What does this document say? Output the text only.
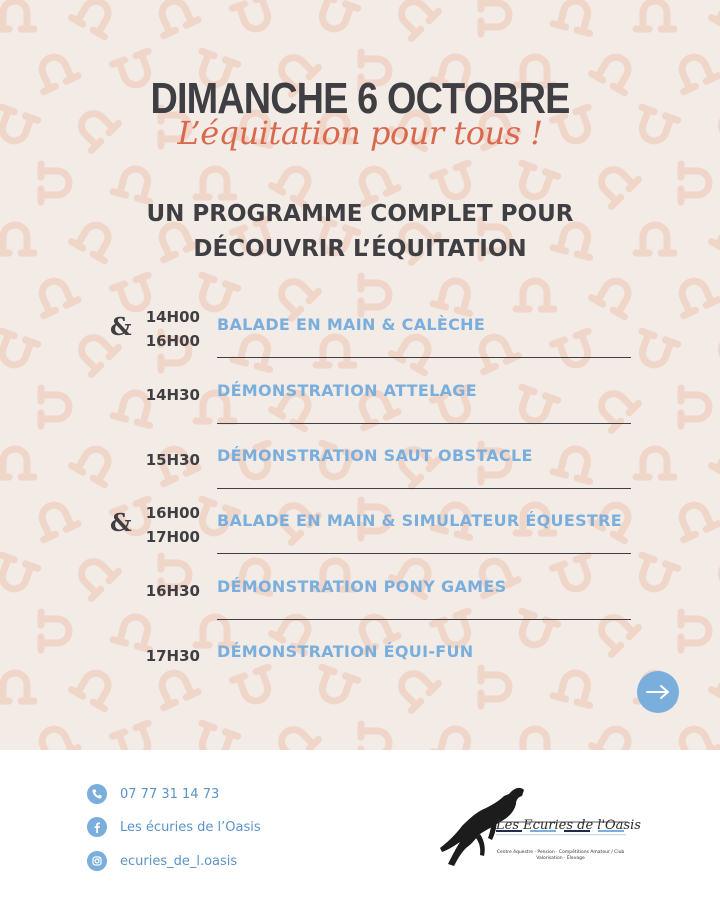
DIMANCHE 6 OCTOBRE
L’équitation pour tous !
UN PROGRAMME COMPLET POUR
DÉCOUVRIR L’ÉQUITATION
& 14H00
16H00
BALADE EN MAIN & CALÈCHE
14H30 DÉMONSTRATION ATTELAGE
15H30 DÉMONSTRATION SAUT OBSTACLE
& 16H00
17H00
BALADE EN MAIN & SIMULATEUR ÉQUESTRE
16H30 DÉMONSTRATION PONY GAMES
17H30 DÉMONSTRATION ÉQUI-FUN
07 77 31 14 73
Les écuries de l’Oasis
ecuries_de_l.oasis
Les Ecuries de l'Oasis
Centre équestre · Pension · Compétitions Amateur / Club
Valorisation · Élevage
